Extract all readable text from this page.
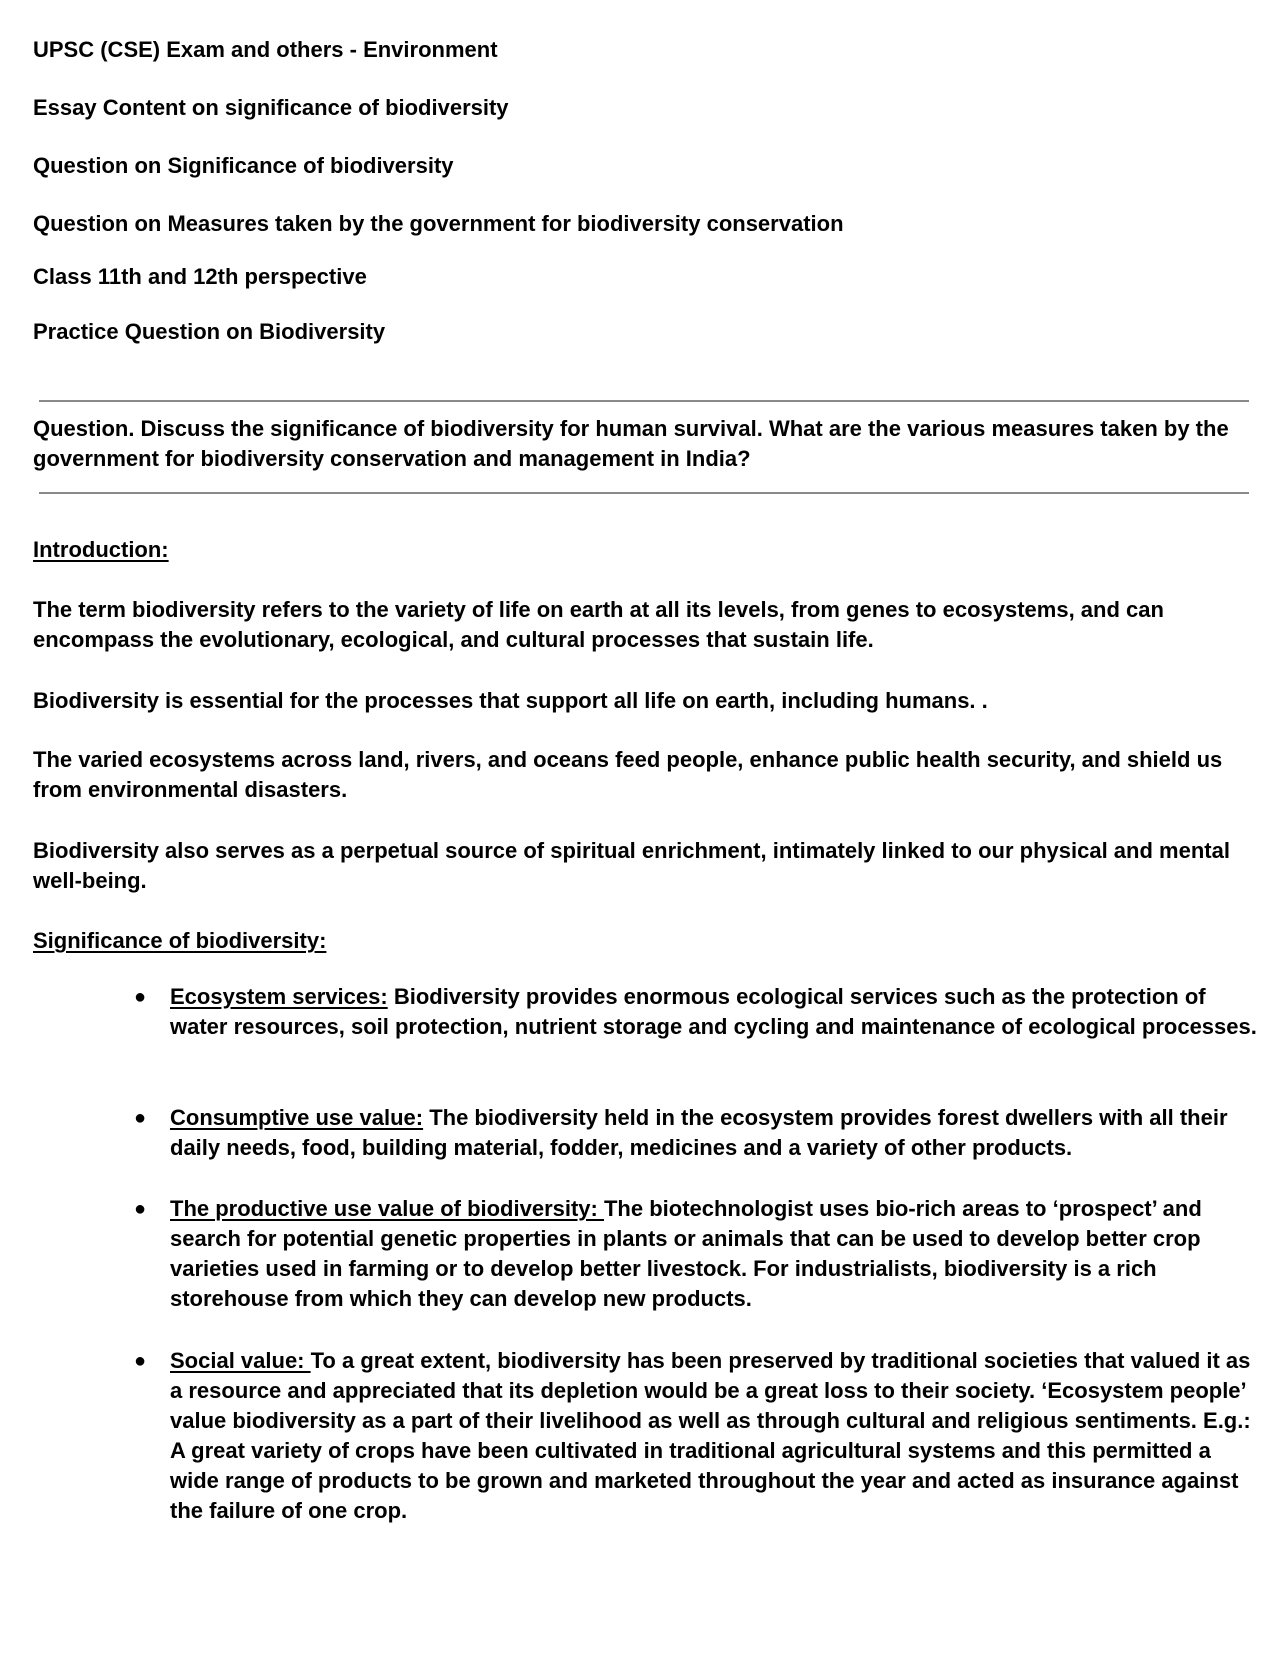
UPSC (CSE) Exam and others - Environment
Essay Content on significance of biodiversity
Question on Significance of biodiversity
Question on Measures taken by the government for biodiversity conservation
Class 11th and 12th perspective
Practice Question on Biodiversity
Question. Discuss the significance of biodiversity for human survival. What are the various measures taken by the government for biodiversity conservation and management in India?
Introduction:
The term biodiversity refers to the variety of life on earth at all its levels, from genes to ecosystems, and can encompass the evolutionary, ecological, and cultural processes that sustain life.
Biodiversity is essential for the processes that support all life on earth, including humans. .
The varied ecosystems across land, rivers, and oceans feed people, enhance public health security, and shield us from environmental disasters.
Biodiversity also serves as a perpetual source of spiritual enrichment, intimately linked to our physical and mental well-being.
Significance of biodiversity:
● Ecosystem services: Biodiversity provides enormous ecological services such as the protection of water resources, soil protection, nutrient storage and cycling and maintenance of ecological processes.
● Consumptive use value: The biodiversity held in the ecosystem provides forest dwellers with all their daily needs, food, building material, fodder, medicines and a variety of other products.
● The productive use value of biodiversity: The biotechnologist uses bio-rich areas to ‘prospect’ and search for potential genetic properties in plants or animals that can be used to develop better crop varieties used in farming or to develop better livestock. For industrialists, biodiversity is a rich storehouse from which they can develop new products.
● Social value: To a great extent, biodiversity has been preserved by traditional societies that valued it as a resource and appreciated that its depletion would be a great loss to their society. ‘Ecosystem people’ value biodiversity as a part of their livelihood as well as through cultural and religious sentiments. E.g.: A great variety of crops have been cultivated in traditional agricultural systems and this permitted a wide range of products to be grown and marketed throughout the year and acted as insurance against the failure of one crop.
